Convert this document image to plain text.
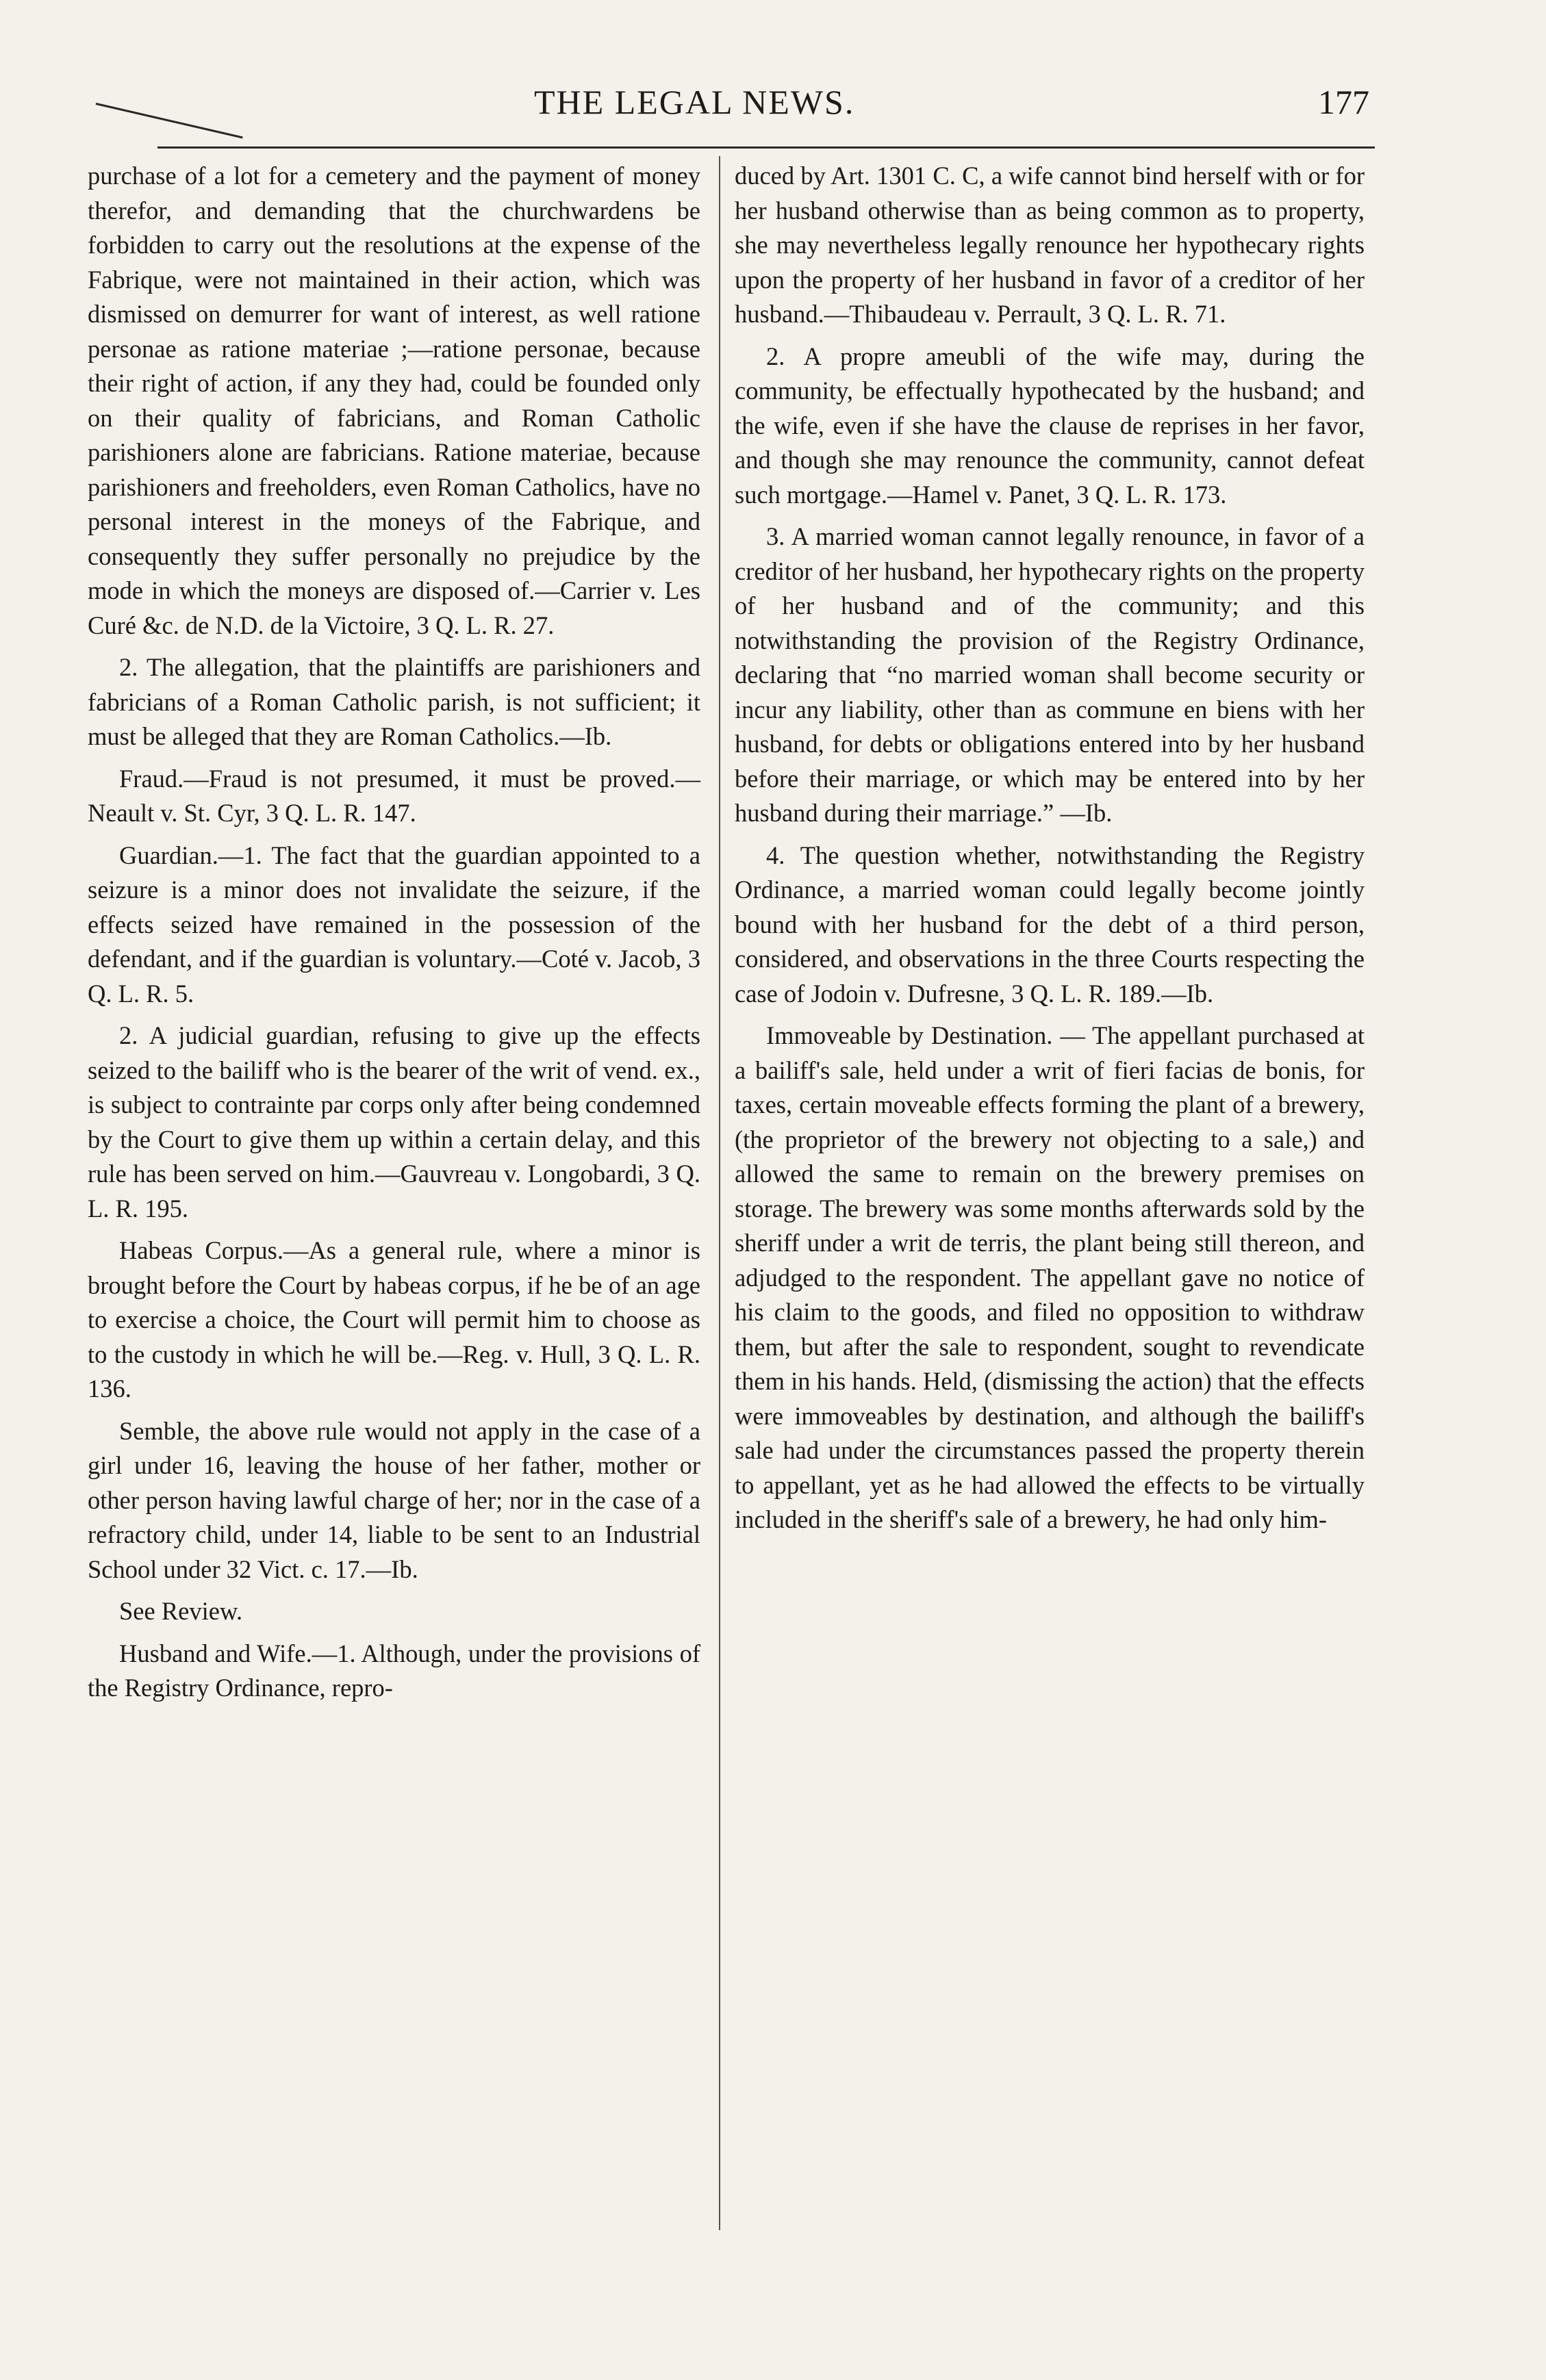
THE LEGAL NEWS.	177

purchase of a lot for a cemetery and the payment of money therefor, and demanding that the churchwardens be forbidden to carry out the resolutions at the expense of the Fabrique, were not maintained in their action, which was dismissed on demurrer for want of interest, as well ratione personae as ratione materiae ;—ratione personae, because their right of action, if any they had, could be founded only on their quality of fabricians, and Roman Catholic parishioners alone are fabricians. Ratione materiae, because parishioners and freeholders, even Roman Catholics, have no personal interest in the moneys of the Fabrique, and consequently they suffer personally no prejudice by the mode in which the moneys are disposed of.—Carrier v. Les Curé &c. de N.D. de la Victoire, 3 Q. L. R. 27.

2. The allegation, that the plaintiffs are parishioners and fabricians of a Roman Catholic parish, is not sufficient; it must be alleged that they are Roman Catholics.—Ib.

Fraud.—Fraud is not presumed, it must be proved.—Neault v. St. Cyr, 3 Q. L. R. 147.

Guardian.—1. The fact that the guardian appointed to a seizure is a minor does not invalidate the seizure, if the effects seized have remained in the possession of the defendant, and if the guardian is voluntary.—Coté v. Jacob, 3 Q. L. R. 5.

2. A judicial guardian, refusing to give up the effects seized to the bailiff who is the bearer of the writ of vend. ex., is subject to contrainte par corps only after being condemned by the Court to give them up within a certain delay, and this rule has been served on him.—Gauvreau v. Longobardi, 3 Q. L. R. 195.

Habeas Corpus.—As a general rule, where a minor is brought before the Court by habeas corpus, if he be of an age to exercise a choice, the Court will permit him to choose as to the custody in which he will be.—Reg. v. Hull, 3 Q. L. R. 136.

Semble, the above rule would not apply in the case of a girl under 16, leaving the house of her father, mother or other person having lawful charge of her; nor in the case of a refractory child, under 14, liable to be sent to an Industrial School under 32 Vict. c. 17.—Ib.

See Review.

Husband and Wife.—1. Although, under the provisions of the Registry Ordinance, repro-

duced by Art. 1301 C. C, a wife cannot bind herself with or for her husband otherwise than as being common as to property, she may nevertheless legally renounce her hypothecary rights upon the property of her husband in favor of a creditor of her husband.—Thibaudeau v. Perrault, 3 Q. L. R. 71.

2. A propre ameubli of the wife may, during the community, be effectually hypothecated by the husband; and the wife, even if she have the clause de reprises in her favor, and though she may renounce the community, cannot defeat such mortgage.—Hamel v. Panet, 3 Q. L. R. 173.

3. A married woman cannot legally renounce, in favor of a creditor of her husband, her hypothecary rights on the property of her husband and of the community; and this notwithstanding the provision of the Registry Ordinance, declaring that “no married woman shall become security or incur any liability, other than as commune en biens with her husband, for debts or obligations entered into by her husband before their marriage, or which may be entered into by her husband during their marriage.” —Ib.

4. The question whether, notwithstanding the Registry Ordinance, a married woman could legally become jointly bound with her husband for the debt of a third person, considered, and observations in the three Courts respecting the case of Jodoin v. Dufresne, 3 Q. L. R. 189.—Ib.

Immoveable by Destination. — The appellant purchased at a bailiff's sale, held under a writ of fieri facias de bonis, for taxes, certain moveable effects forming the plant of a brewery, (the proprietor of the brewery not objecting to a sale,) and allowed the same to remain on the brewery premises on storage. The brewery was some months afterwards sold by the sheriff under a writ de terris, the plant being still thereon, and adjudged to the respondent. The appellant gave no notice of his claim to the goods, and filed no opposition to withdraw them, but after the sale to respondent, sought to revendicate them in his hands. Held, (dismissing the action) that the effects were immoveables by destination, and although the bailiff's sale had under the circumstances passed the property therein to appellant, yet as he had allowed the effects to be virtually included in the sheriff's sale of a brewery, he had only him-
